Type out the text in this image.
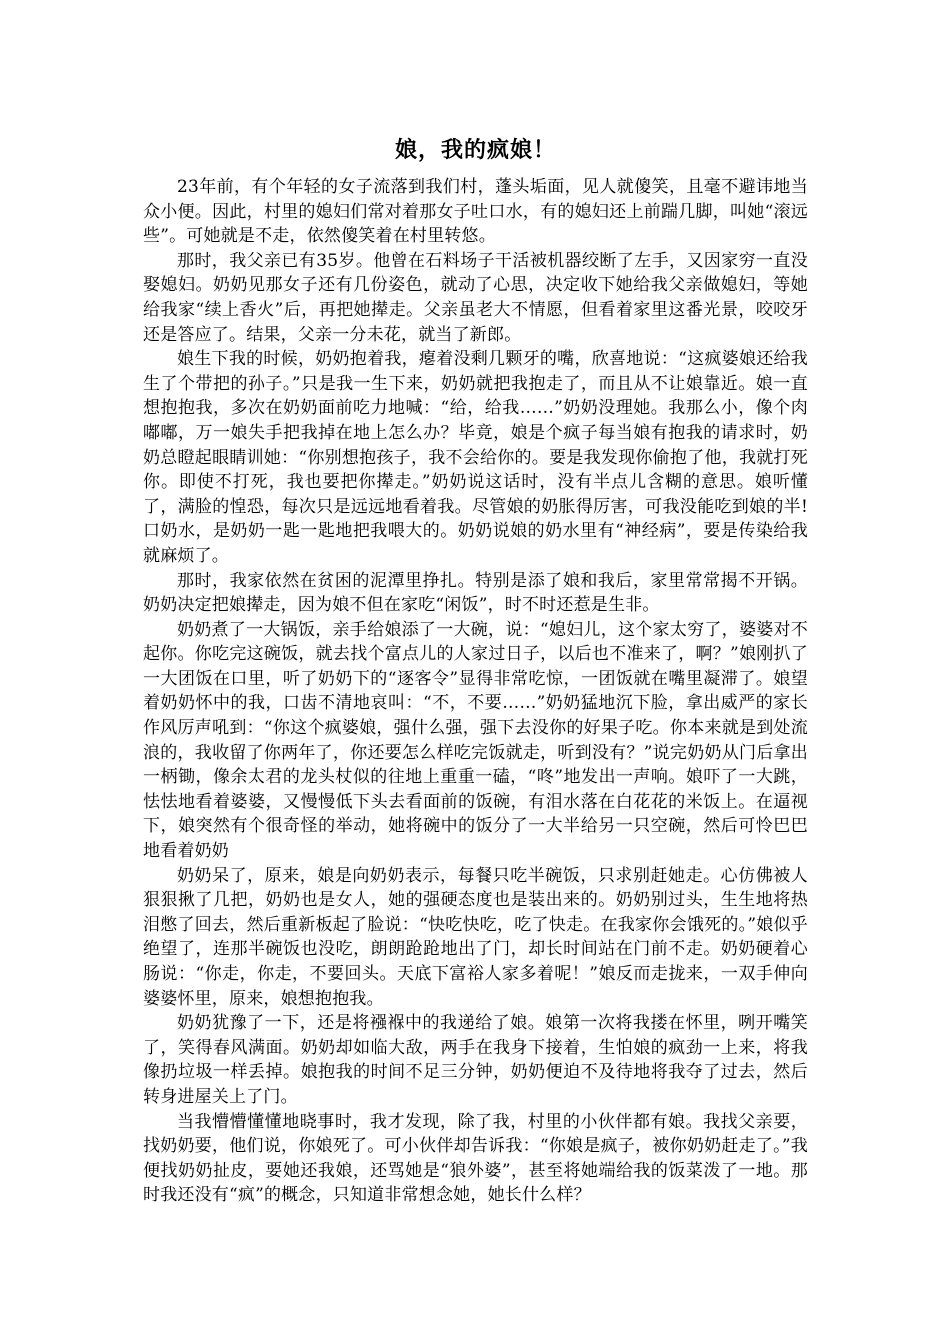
娘，我的疯娘！

23年前，有个年轻的女子流落到我们村，蓬头垢面，见人就傻笑，且毫不避讳地当众小便。因此，村里的媳妇们常对着那女子吐口水，有的媳妇还上前踹几脚，叫她“滚远些”。可她就是不走，依然傻笑着在村里转悠。

那时，我父亲已有35岁。他曾在石料场子干活被机器绞断了左手，又因家穷一直没娶媳妇。奶奶见那女子还有几份姿色，就动了心思，决定收下她给我父亲做媳妇，等她给我家“续上香火”后，再把她撵走。父亲虽老大不情愿，但看着家里这番光景，咬咬牙还是答应了。结果，父亲一分未花，就当了新郎。

娘生下我的时候，奶奶抱着我，瘪着没剩几颗牙的嘴，欣喜地说：“这疯婆娘还给我生了个带把的孙子。”只是我一生下来，奶奶就把我抱走了，而且从不让娘靠近。娘一直想抱抱我，多次在奶奶面前吃力地喊：“给，给我……”奶奶没理她。我那么小，像个肉嘟嘟，万一娘失手把我掉在地上怎么办？毕竟，娘是个疯子每当娘有抱我的请求时，奶奶总瞪起眼睛训她：“你别想抱孩子，我不会给你的。要是我发现你偷抱了他，我就打死你。即使不打死，我也要把你撵走。”奶奶说这话时，没有半点儿含糊的意思。娘听懂了，满脸的惶恐，每次只是远远地看着我。尽管娘的奶胀得厉害，可我没能吃到娘的半! 口奶水，是奶奶一匙一匙地把我喂大的。奶奶说娘的奶水里有“神经病”，要是传染给我就麻烦了。

那时，我家依然在贫困的泥潭里挣扎。特别是添了娘和我后，家里常常揭不开锅。奶奶决定把娘撵走，因为娘不但在家吃“闲饭”，时不时还惹是生非。

奶奶煮了一大锅饭，亲手给娘添了一大碗，说：“媳妇儿，这个家太穷了，婆婆对不起你。你吃完这碗饭，就去找个富点儿的人家过日子，以后也不准来了，啊？”娘刚扒了一大团饭在口里，听了奶奶下的“逐客令”显得非常吃惊，一团饭就在嘴里凝滞了。娘望着奶奶怀中的我，口齿不清地哀叫：“不，不要……”奶奶猛地沉下脸，拿出威严的家长作风厉声吼到：“你这个疯婆娘，强什么强，强下去没你的好果子吃。你本来就是到处流浪的，我收留了你两年了，你还要怎么样吃完饭就走，听到没有？”说完奶奶从门后拿出一柄锄，像余太君的龙头杖似的往地上重重一磕，“咚”地发出一声响。娘吓了一大跳，怯怯地看着婆婆，又慢慢低下头去看面前的饭碗，有泪水落在白花花的米饭上。在逼视下，娘突然有个很奇怪的举动，她将碗中的饭分了一大半给另一只空碗，然后可怜巴巴地看着奶奶

奶奶呆了，原来，娘是向奶奶表示，每餐只吃半碗饭，只求别赶她走。心仿佛被人狠狠揪了几把，奶奶也是女人，她的强硬态度也是装出来的。奶奶别过头，生生地将热泪憋了回去，然后重新板起了脸说：“快吃快吃，吃了快走。在我家你会饿死的。”娘似乎绝望了，连那半碗饭也没吃，朗朗跄跄地出了门，却长时间站在门前不走。奶奶硬着心肠说：“你走，你走，不要回头。天底下富裕人家多着呢！”娘反而走拢来，一双手伸向婆婆怀里，原来，娘想抱抱我。

奶奶犹豫了一下，还是将襁褓中的我递给了娘。娘第一次将我搂在怀里，咧开嘴笑了，笑得春风满面。奶奶却如临大敌，两手在我身下接着，生怕娘的疯劲一上来，将我像扔垃圾一样丢掉。娘抱我的时间不足三分钟，奶奶便迫不及待地将我夺了过去，然后转身进屋关上了门。

当我懵懵懂懂地晓事时，我才发现，除了我，村里的小伙伴都有娘。我找父亲要，找奶奶要，他们说，你娘死了。可小伙伴却告诉我：“你娘是疯子，被你奶奶赶走了。”我便找奶奶扯皮，要她还我娘，还骂她是“狼外婆”，甚至将她端给我的饭菜泼了一地。那时我还没有“疯”的概念，只知道非常想念她，她长什么样？
